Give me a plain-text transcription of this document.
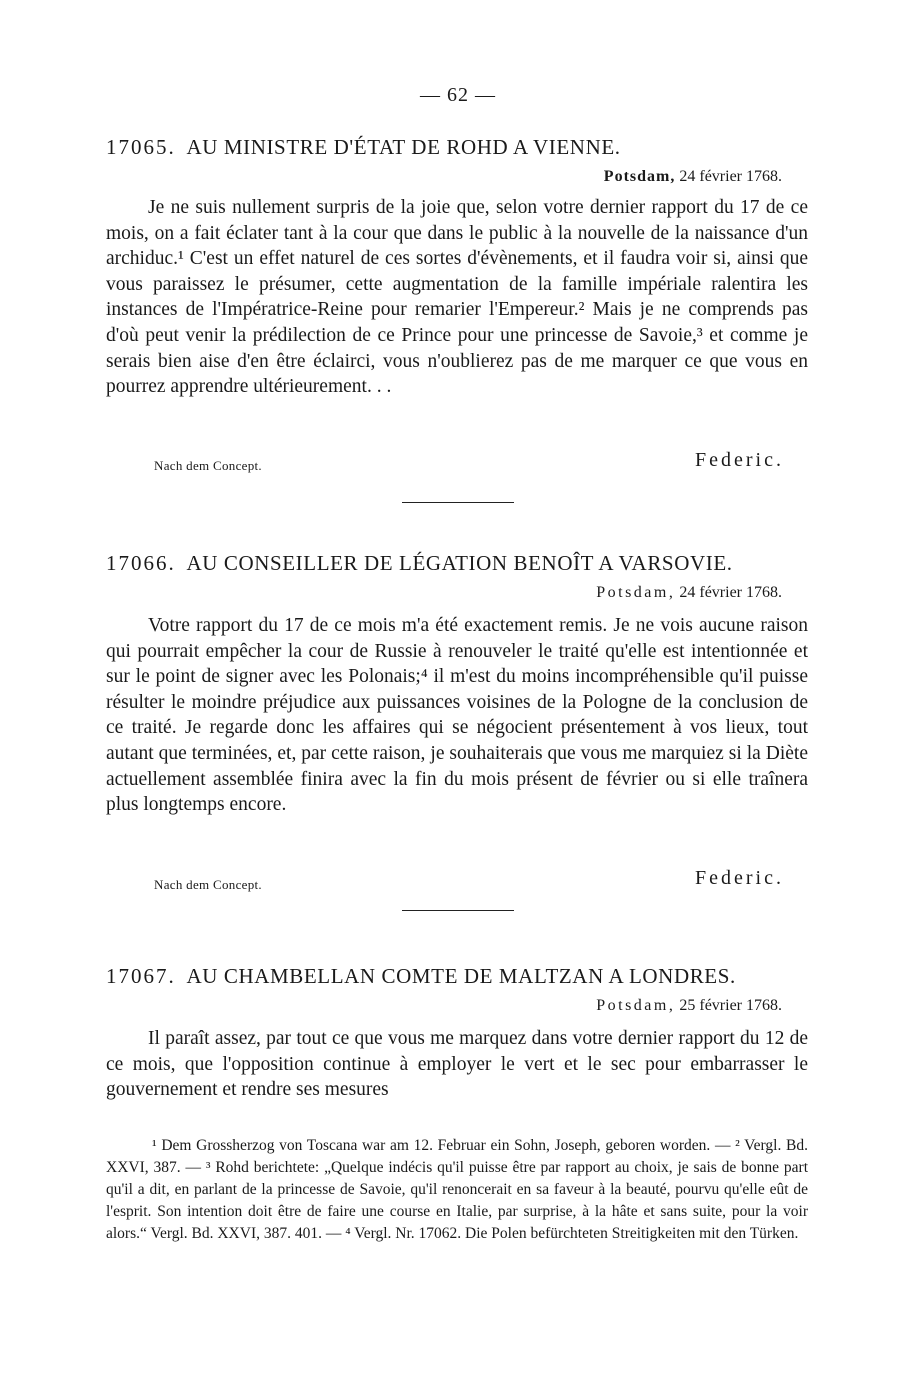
— 62 —
17065. AU MINISTRE D'ÉTAT DE ROHD A VIENNE.
Potsdam, 24 février 1768.

Je ne suis nullement surpris de la joie que, selon votre dernier rapport du 17 de ce mois, on a fait éclater tant à la cour que dans le public à la nouvelle de la naissance d'un archiduc.¹ C'est un effet naturel de ces sortes d'évènements, et il faudra voir si, ainsi que vous paraissez le présumer, cette augmentation de la famille impériale ralentira les instances de l'Impératrice-Reine pour remarier l'Empereur.² Mais je ne comprends pas d'où peut venir la prédilection de ce Prince pour une princesse de Savoie,³ et comme je serais bien aise d'en être éclairci, vous n'oublierez pas de me marquer ce que vous en pourrez apprendre ultérieurement. . .

Nach dem Concept.	Federic.
17066. AU CONSEILLER DE LÉGATION BENOÎT A VARSOVIE.
Potsdam, 24 février 1768.

Votre rapport du 17 de ce mois m'a été exactement remis. Je ne vois aucune raison qui pourrait empêcher la cour de Russie à renouveler le traité qu'elle est intentionnée et sur le point de signer avec les Polonais;⁴ il m'est du moins incompréhensible qu'il puisse résulter le moindre préjudice aux puissances voisines de la Pologne de la conclusion de ce traité. Je regarde donc les affaires qui se négocient présentement à vos lieux, tout autant que terminées, et, par cette raison, je souhaiterais que vous me marquiez si la Diète actuellement assemblée finira avec la fin du mois présent de février ou si elle traînera plus longtemps encore.

Nach dem Concept.	Federic.
17067. AU CHAMBELLAN COMTE DE MALTZAN A LONDRES.
Potsdam, 25 février 1768.

Il paraît assez, par tout ce que vous me marquez dans votre dernier rapport du 12 de ce mois, que l'opposition continue à employer le vert et le sec pour embarrasser le gouvernement et rendre ses mesures

¹ Dem Grossherzog von Toscana war am 12. Februar ein Sohn, Joseph, geboren worden. — ² Vergl. Bd. XXVI, 387. — ³ Rohd berichtete: „Quelque indécis qu'il puisse être par rapport au choix, je sais de bonne part qu'il a dit, en parlant de la princesse de Savoie, qu'il renoncerait en sa faveur à la beauté, pourvu qu'elle eût de l'esprit. Son intention doit être de faire une course en Italie, par surprise, à la hâte et sans suite, pour la voir alors.“ Vergl. Bd. XXVI, 387. 401. — ⁴ Vergl. Nr. 17062. Die Polen befürchteten Streitigkeiten mit den Türken.
